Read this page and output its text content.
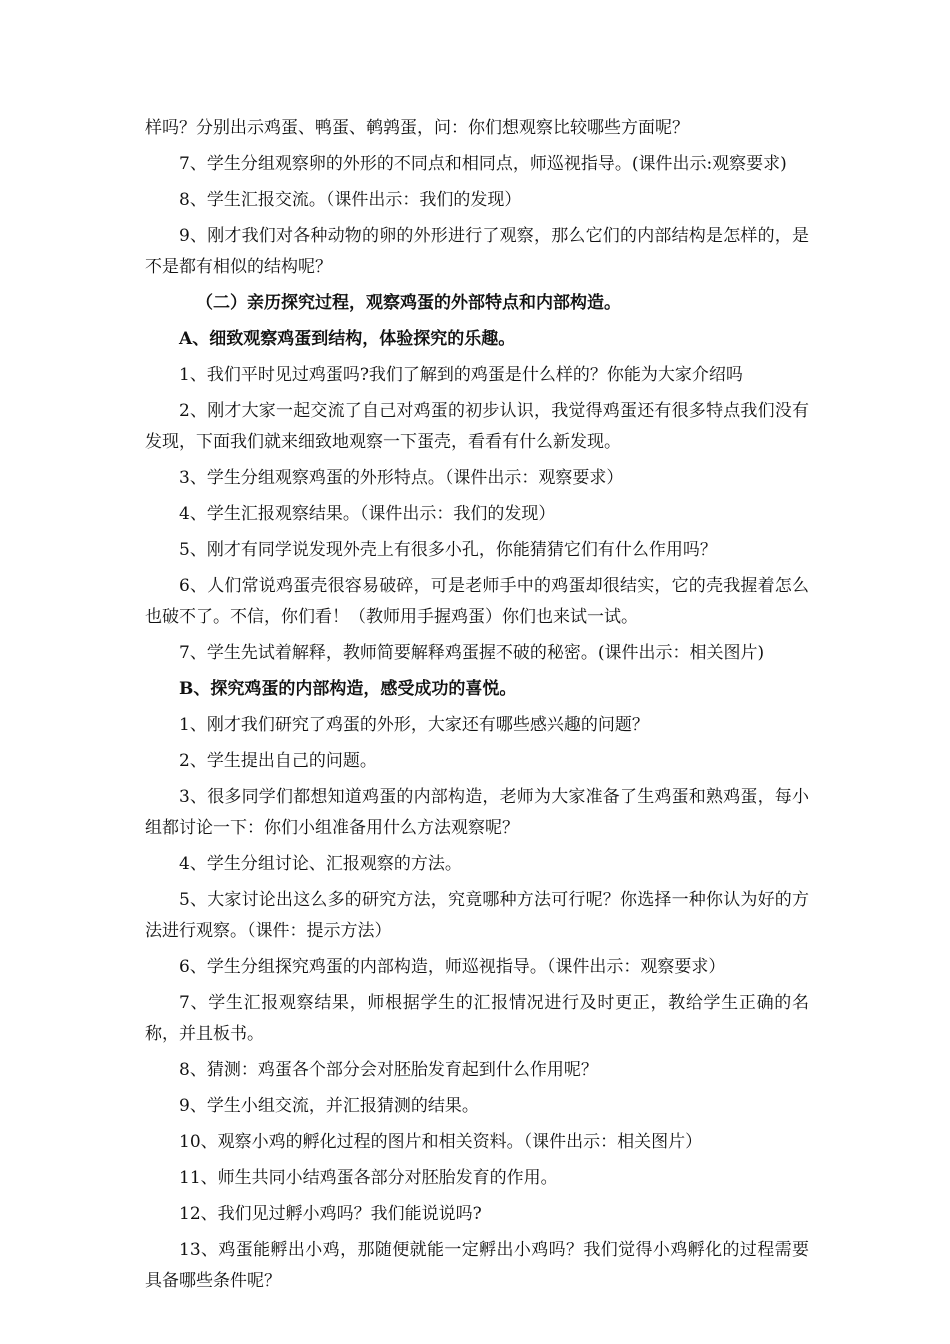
样吗？分别出示鸡蛋、鸭蛋、鹌鹑蛋，问：你们想观察比较哪些方面呢？

7、学生分组观察卵的外形的不同点和相同点，师巡视指导。(课件出示:观察要求)

8、学生汇报交流。（课件出示：我们的发现）

9、刚才我们对各种动物的卵的外形进行了观察，那么它们的内部结构是怎样的，是不是都有相似的结构呢？

（二）亲历探究过程，观察鸡蛋的外部特点和内部构造。

A、细致观察鸡蛋到结构，体验探究的乐趣。

1、我们平时见过鸡蛋吗?我们了解到的鸡蛋是什么样的？你能为大家介绍吗

2、刚才大家一起交流了自己对鸡蛋的初步认识，我觉得鸡蛋还有很多特点我们没有发现，下面我们就来细致地观察一下蛋壳，看看有什么新发现。

3、学生分组观察鸡蛋的外形特点。（课件出示：观察要求）

4、学生汇报观察结果。（课件出示：我们的发现）

5、刚才有同学说发现外壳上有很多小孔，你能猜猜它们有什么作用吗？

6、人们常说鸡蛋壳很容易破碎，可是老师手中的鸡蛋却很结实，它的壳我握着怎么也破不了。不信，你们看！（教师用手握鸡蛋）你们也来试一试。

7、学生先试着解释，教师简要解释鸡蛋握不破的秘密。(课件出示：相关图片)

B、探究鸡蛋的内部构造，感受成功的喜悦。

1、刚才我们研究了鸡蛋的外形，大家还有哪些感兴趣的问题？

2、学生提出自己的问题。

3、很多同学们都想知道鸡蛋的内部构造，老师为大家准备了生鸡蛋和熟鸡蛋，每小组都讨论一下：你们小组准备用什么方法观察呢？

4、学生分组讨论、汇报观察的方法。

5、大家讨论出这么多的研究方法，究竟哪种方法可行呢？你选择一种你认为好的方法进行观察。（课件：提示方法）

6、学生分组探究鸡蛋的内部构造，师巡视指导。（课件出示：观察要求）

7、学生汇报观察结果，师根据学生的汇报情况进行及时更正，教给学生正确的名称，并且板书。

8、猜测：鸡蛋各个部分会对胚胎发育起到什么作用呢？

9、学生小组交流，并汇报猜测的结果。

10、观察小鸡的孵化过程的图片和相关资料。（课件出示：相关图片）

11、师生共同小结鸡蛋各部分对胚胎发育的作用。

12、我们见过孵小鸡吗？我们能说说吗?

13、鸡蛋能孵出小鸡，那随便就能一定孵出小鸡吗？我们觉得小鸡孵化的过程需要具备哪些条件呢？
